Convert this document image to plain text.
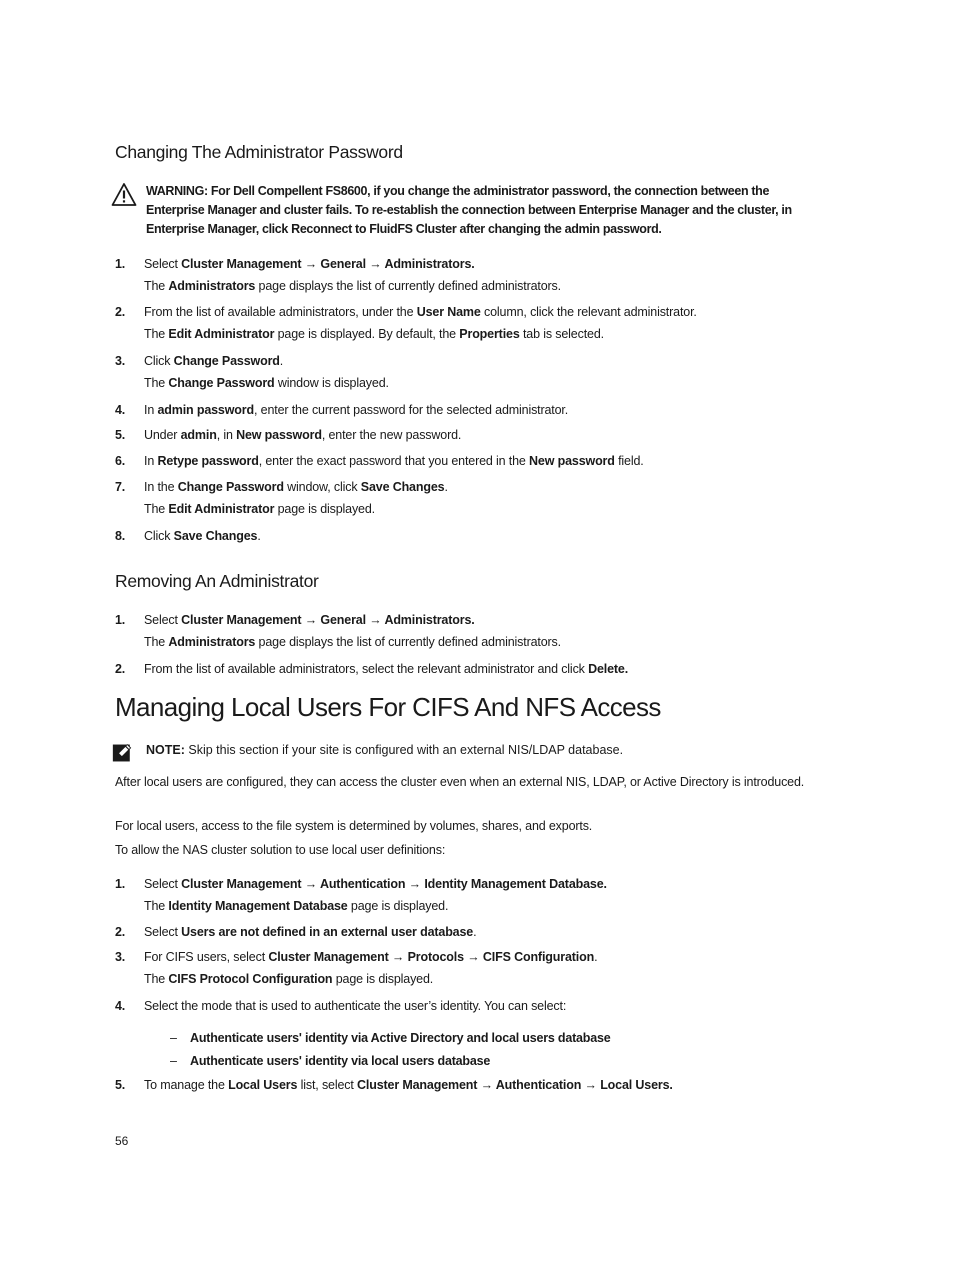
Changing The Administrator Password
WARNING: For Dell Compellent FS8600, if you change the administrator password, the connection between the Enterprise Manager and cluster fails. To re-establish the connection between Enterprise Manager and the cluster, in Enterprise Manager, click Reconnect to FluidFS Cluster after changing the admin password.
1. Select Cluster Management → General → Administrators.
The Administrators page displays the list of currently defined administrators.
2. From the list of available administrators, under the User Name column, click the relevant administrator.
The Edit Administrator page is displayed. By default, the Properties tab is selected.
3. Click Change Password.
The Change Password window is displayed.
4. In admin password, enter the current password for the selected administrator.
5. Under admin, in New password, enter the new password.
6. In Retype password, enter the exact password that you entered in the New password field.
7. In the Change Password window, click Save Changes.
The Edit Administrator page is displayed.
8. Click Save Changes.
Removing An Administrator
1. Select Cluster Management → General → Administrators.
The Administrators page displays the list of currently defined administrators.
2. From the list of available administrators, select the relevant administrator and click Delete.
Managing Local Users For CIFS And NFS Access
NOTE: Skip this section if your site is configured with an external NIS/LDAP database.
After local users are configured, they can access the cluster even when an external NIS, LDAP, or Active Directory is introduced.
For local users, access to the file system is determined by volumes, shares, and exports.
To allow the NAS cluster solution to use local user definitions:
1. Select Cluster Management → Authentication → Identity Management Database.
The Identity Management Database page is displayed.
2. Select Users are not defined in an external user database.
3. For CIFS users, select Cluster Management → Protocols → CIFS Configuration.
The CIFS Protocol Configuration page is displayed.
4. Select the mode that is used to authenticate the user’s identity. You can select:
– Authenticate users' identity via Active Directory and local users database
– Authenticate users' identity via local users database
5. To manage the Local Users list, select Cluster Management → Authentication → Local Users.
56
